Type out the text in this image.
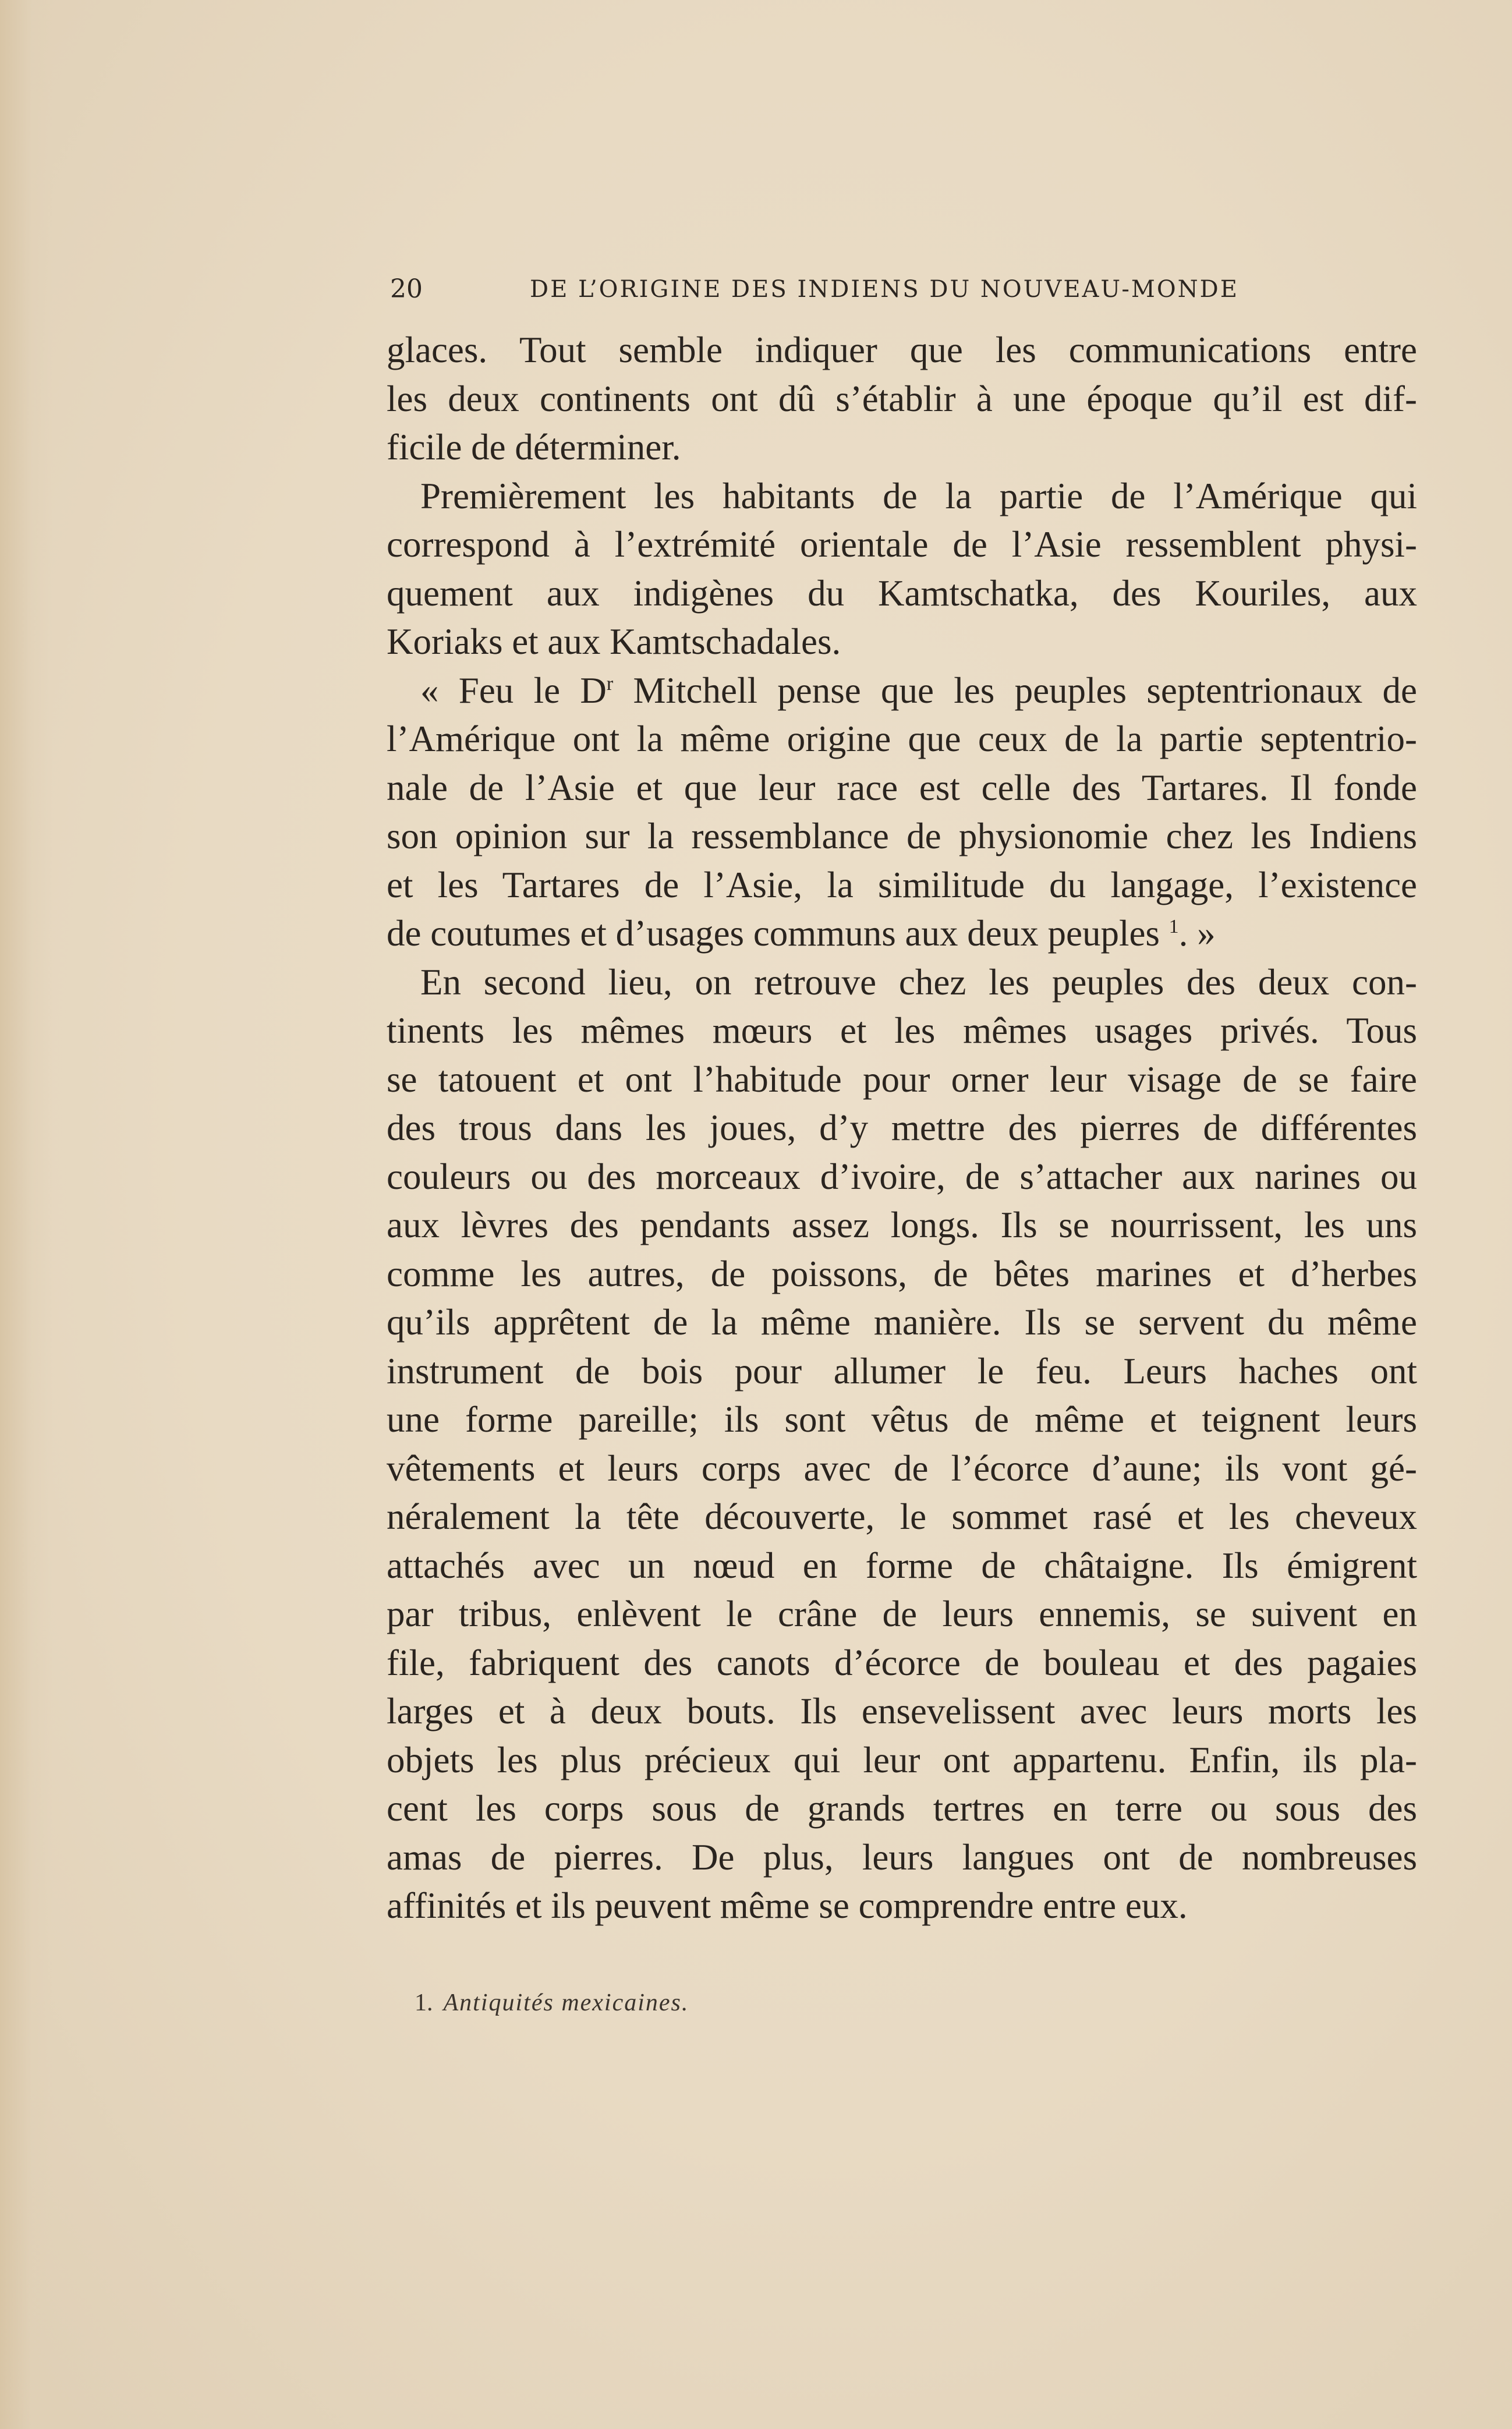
20	DE L’ORIGINE DES INDIENS DU NOUVEAU-MONDE
glaces. Tout semble indiquer que les communications entre
les deux continents ont dû s’établir à une époque qu’il est dif-
ficile de déterminer.
Premièrement les habitants de la partie de l’Amérique qui
correspond à l’extrémité orientale de l’Asie ressemblent physi-
quement aux indigènes du Kamtschatka, des Kouriles, aux
Koriaks et aux Kamtschadales.
« Feu le $D^r$ Mitchell pense que les peuples septentrionaux de
l’Amérique ont la même origine que ceux de la partie septentrio-
nale de l’Asie et que leur race est celle des Tartares. Il fonde
son opinion sur la ressemblance de physionomie chez les Indiens
et les Tartares de l’Asie, la similitude du langage, l’existence
de coutumes et d’usages communs aux deux peuples $^1$. »
En second lieu, on retrouve chez les peuples des deux con-
tinents les mêmes mœurs et les mêmes usages privés. Tous
se tatouent et ont l’habitude pour orner leur visage de se faire
des trous dans les joues, d’y mettre des pierres de différentes
couleurs ou des morceaux d’ivoire, de s’attacher aux narines ou
aux lèvres des pendants assez longs. Ils se nourrissent, les uns
comme les autres, de poissons, de bêtes marines et d’herbes
qu’ils apprêtent de la même manière. Ils se servent du même
instrument de bois pour allumer le feu. Leurs haches ont
une forme pareille; ils sont vêtus de même et teignent leurs
vêtements et leurs corps avec de l’écorce d’aune; ils vont gé-
néralement la tête découverte, le sommet rasé et les cheveux
attachés avec un nœud en forme de châtaigne. Ils émigrent
par tribus, enlèvent le crâne de leurs ennemis, se suivent en
file, fabriquent des canots d’écorce de bouleau et des pagaies
larges et à deux bouts. Ils ensevelissent avec leurs morts les
objets les plus précieux qui leur ont appartenu. Enfin, ils pla-
cent les corps sous de grands tertres en terre ou sous des
amas de pierres. De plus, leurs langues ont de nombreuses
affinités et ils peuvent même se comprendre entre eux.
1. Antiquités mexicaines.
